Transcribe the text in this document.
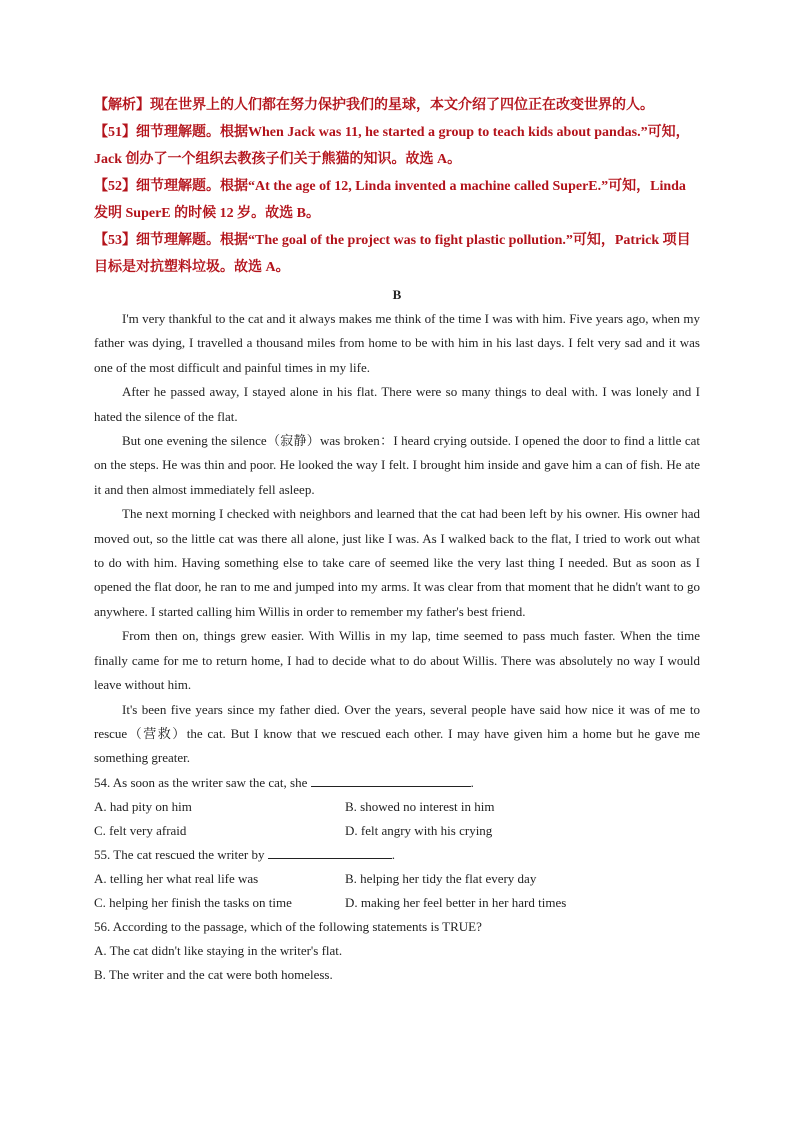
【解析】现在世界上的人们都在努力保护我们的星球，本文介绍了四位正在改变世界的人。

【51】细节理解题。根据When Jack was 11, he started a group to teach kids about pandas.”可知，Jack 创办了一个组织去教孩子们关于熊猫的知识。故选 A。

【52】细节理解题。根据“At the age of 12, Linda invented a machine called SuperE.”可知，Linda 发明 SuperE 的时候 12 岁。故选 B。

【53】细节理解题。根据“The goal of the project was to fight plastic pollution.”可知，Patrick 项目目标是对抗塑料垃圾。故选 A。

B

I'm very thankful to the cat and it always makes me think of the time I was with him. Five years ago, when my father was dying, I travelled a thousand miles from home to be with him in his last days. I felt very sad and it was one of the most difficult and painful times in my life.

After he passed away, I stayed alone in his flat. There were so many things to deal with. I was lonely and I hated the silence of the flat.

But one evening the silence（寂静）was broken：I heard crying outside. I opened the door to find a little cat on the steps. He was thin and poor. He looked the way I felt. I brought him inside and gave him a can of fish. He ate it and then almost immediately fell asleep.

The next morning I checked with neighbors and learned that the cat had been left by his owner. His owner had moved out, so the little cat was there all alone, just like I was. As I walked back to the flat, I tried to work out what to do with him. Having something else to take care of seemed like the very last thing I needed. But as soon as I opened the flat door, he ran to me and jumped into my arms. It was clear from that moment that he didn't want to go anywhere. I started calling him Willis in order to remember my father's best friend.

From then on, things grew easier. With Willis in my lap, time seemed to pass much faster. When the time finally came for me to return home, I had to decide what to do about Willis. There was absolutely no way I would leave without him.

It's been five years since my father died. Over the years, several people have said how nice it was of me to rescue（营救）the cat. But I know that we rescued each other. I may have given him a home but he gave me something greater.

54. As soon as the writer saw the cat, she	.

A. had pity on him	B. showed no interest in him
C. felt very afraid	D. felt angry with his crying

55. The cat rescued the writer by	.

A. telling her what real life was	B. helping her tidy the flat every day
C. helping her finish the tasks on time	D. making her feel better in her hard times

56. According to the passage, which of the following statements is TRUE?

A. The cat didn't like staying in the writer's flat.

B. The writer and the cat were both homeless.
